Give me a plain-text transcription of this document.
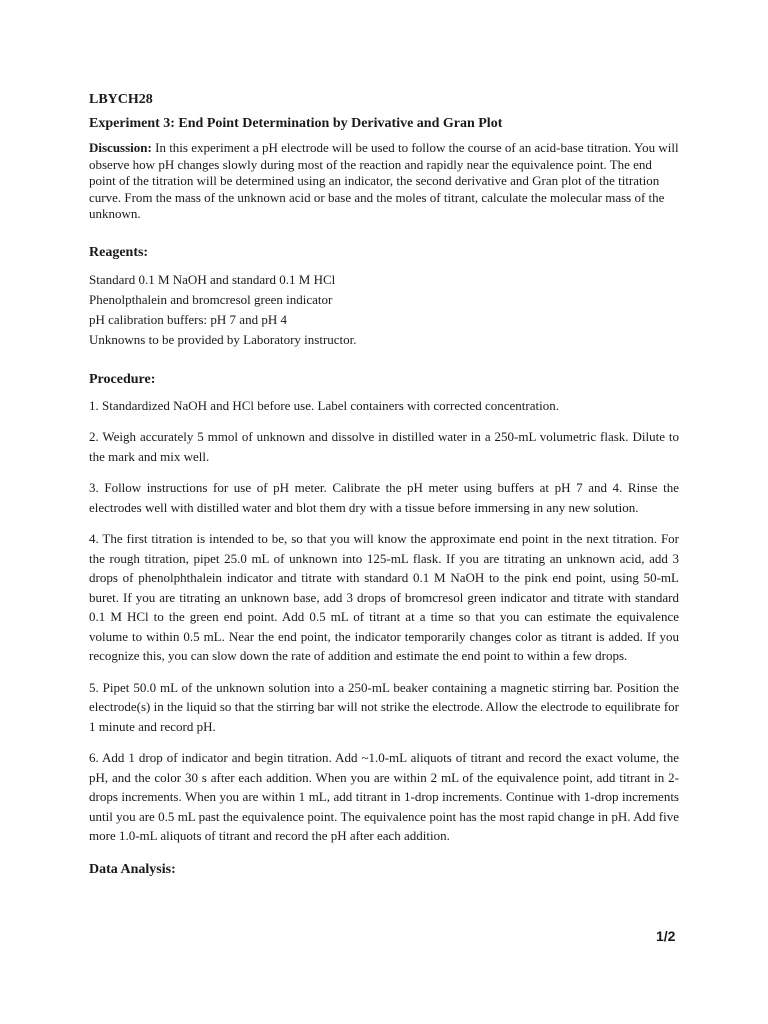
LBYCH28

Experiment 3: End Point Determination by Derivative and Gran Plot

Discussion: In this experiment a pH electrode will be used to follow the course of an acid-base titration. You will observe how pH changes slowly during most of the reaction and rapidly near the equivalence point. The end point of the titration will be determined using an indicator, the second derivative and Gran plot of the titration curve. From the mass of the unknown acid or base and the moles of titrant, calculate the molecular mass of the unknown.

Reagents:

Standard 0.1 M NaOH and standard 0.1 M HCl

Phenolpthalein and bromcresol green indicator

pH calibration buffers: pH 7 and pH 4

Unknowns to be provided by Laboratory instructor.

Procedure:

1. Standardized NaOH and HCl before use. Label containers with corrected concentration.

2. Weigh accurately 5 mmol of unknown and dissolve in distilled water in a 250-mL volumetric flask. Dilute to the mark and mix well.

3. Follow instructions for use of pH meter. Calibrate the pH meter using buffers at pH 7 and 4. Rinse the electrodes well with distilled water and blot them dry with a tissue before immersing in any new solution.

4. The first titration is intended to be, so that you will know the approximate end point in the next titration. For the rough titration, pipet 25.0 mL of unknown into 125-mL flask. If you are titrating an unknown acid, add 3 drops of phenolphthalein indicator and titrate with standard 0.1 M NaOH to the pink end point, using 50-mL buret. If you are titrating an unknown base, add 3 drops of bromcresol green indicator and titrate with standard 0.1 M HCl to the green end point. Add 0.5 mL of titrant at a time so that you can estimate the equivalence volume to within 0.5 mL. Near the end point, the indicator temporarily changes color as titrant is added. If you recognize this, you can slow down the rate of addition and estimate the end point to within a few drops.

5. Pipet 50.0 mL of the unknown solution into a 250-mL beaker containing a magnetic stirring bar. Position the electrode(s) in the liquid so that the stirring bar will not strike the electrode. Allow the electrode to equilibrate for 1 minute and record pH.

6. Add 1 drop of indicator and begin titration. Add ~1.0-mL aliquots of titrant and record the exact volume, the pH, and the color 30 s after each addition. When you are within 2 mL of the equivalence point, add titrant in 2-drops increments. When you are within 1 mL, add titrant in 1-drop increments. Continue with 1-drop increments until you are 0.5 mL past the equivalence point. The equivalence point has the most rapid change in pH. Add five more 1.0-mL aliquots of titrant and record the pH after each addition.

Data Analysis:
1/2
